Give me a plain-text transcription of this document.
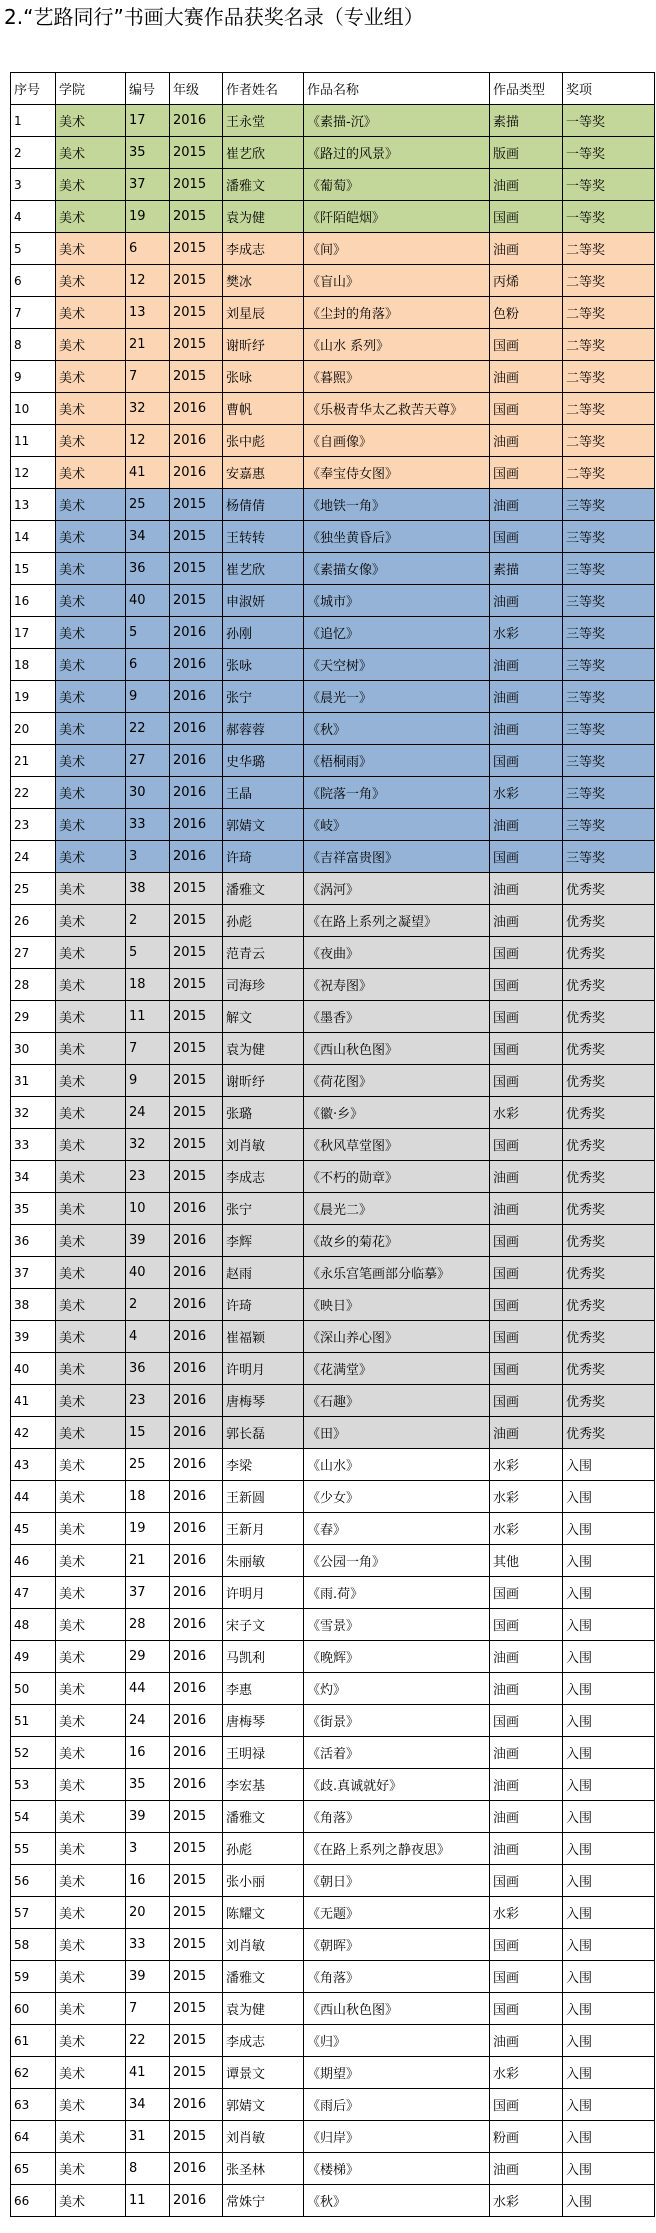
2.“艺路同行”书画大赛作品获奖名录（专业组）
序号	学院	编号	年级	作者姓名	作品名称	作品类型	奖项
1	美术	17	2016	王永堂	《素描-沉》	素描	一等奖
2	美术	35	2015	崔艺欣	《路过的风景》	版画	一等奖
3	美术	37	2015	潘雅文	《葡萄》	油画	一等奖
4	美术	19	2015	袁为健	《阡陌皑烟》	国画	一等奖
5	美术	6	2015	李成志	《间》	油画	二等奖
6	美术	12	2015	樊冰	《盲山》	丙烯	二等奖
7	美术	13	2015	刘星辰	《尘封的角落》	色粉	二等奖
8	美术	21	2015	谢昕纾	《山水 系列》	国画	二等奖
9	美术	7	2015	张咏	《暮熙》	油画	二等奖
10	美术	32	2016	曹帆	《乐极青华太乙救苦天尊》	国画	二等奖
11	美术	12	2016	张中彪	《自画像》	油画	二等奖
12	美术	41	2016	安嘉惠	《奉宝侍女图》	国画	二等奖
13	美术	25	2015	杨倩倩	《地铁一角》	油画	三等奖
14	美术	34	2015	王转转	《独坐黄昏后》	国画	三等奖
15	美术	36	2015	崔艺欣	《素描女像》	素描	三等奖
16	美术	40	2015	申淑妍	《城市》	油画	三等奖
17	美术	5	2016	孙刚	《追忆》	水彩	三等奖
18	美术	6	2016	张咏	《天空树》	油画	三等奖
19	美术	9	2016	张宁	《晨光一》	油画	三等奖
20	美术	22	2016	郝蓉蓉	《秋》	油画	三等奖
21	美术	27	2016	史华璐	《梧桐雨》	国画	三等奖
22	美术	30	2016	王晶	《院落一角》	水彩	三等奖
23	美术	33	2016	郭婧文	《岐》	油画	三等奖
24	美术	3	2016	许琦	《吉祥富贵图》	国画	三等奖
25	美术	38	2015	潘雅文	《涡河》	油画	优秀奖
26	美术	2	2015	孙彪	《在路上系列之凝望》	油画	优秀奖
27	美术	5	2015	范青云	《夜曲》	国画	优秀奖
28	美术	18	2015	司海珍	《祝寿图》	国画	优秀奖
29	美术	11	2015	解文	《墨香》	国画	优秀奖
30	美术	7	2015	袁为健	《西山秋色图》	国画	优秀奖
31	美术	9	2015	谢昕纾	《荷花图》	国画	优秀奖
32	美术	24	2015	张璐	《徽·乡》	水彩	优秀奖
33	美术	32	2015	刘肖敏	《秋风草堂图》	国画	优秀奖
34	美术	23	2015	李成志	《不朽的勋章》	油画	优秀奖
35	美术	10	2016	张宁	《晨光二》	油画	优秀奖
36	美术	39	2016	李辉	《故乡的菊花》	国画	优秀奖
37	美术	40	2016	赵雨	《永乐宫笔画部分临摹》	国画	优秀奖
38	美术	2	2016	许琦	《映日》	国画	优秀奖
39	美术	4	2016	崔福颖	《深山养心图》	国画	优秀奖
40	美术	36	2016	许明月	《花满堂》	国画	优秀奖
41	美术	23	2016	唐梅琴	《石趣》	国画	优秀奖
42	美术	15	2016	郭长磊	《田》	油画	优秀奖
43	美术	25	2016	李梁	《山水》	水彩	入围
44	美术	18	2016	王新圆	《少女》	水彩	入围
45	美术	19	2016	王新月	《春》	水彩	入围
46	美术	21	2016	朱丽敏	《公园一角》	其他	入围
47	美术	37	2016	许明月	《雨.荷》	国画	入围
48	美术	28	2016	宋子文	《雪景》	国画	入围
49	美术	29	2016	马凯利	《晚辉》	油画	入围
50	美术	44	2016	李惠	《灼》	油画	入围
51	美术	24	2016	唐梅琴	《街景》	国画	入围
52	美术	16	2016	王明禄	《活着》	油画	入围
53	美术	35	2016	李宏基	《歧.真诚就好》	油画	入围
54	美术	39	2015	潘雅文	《角落》	油画	入围
55	美术	3	2015	孙彪	《在路上系列之静夜思》	油画	入围
56	美术	16	2015	张小丽	《朝日》	国画	入围
57	美术	20	2015	陈耀文	《无题》	水彩	入围
58	美术	33	2015	刘肖敏	《朝晖》	国画	入围
59	美术	39	2015	潘雅文	《角落》	国画	入围
60	美术	7	2015	袁为健	《西山秋色图》	国画	入围
61	美术	22	2015	李成志	《归》	油画	入围
62	美术	41	2015	谭景文	《期望》	水彩	入围
63	美术	34	2016	郭婧文	《雨后》	国画	入围
64	美术	31	2015	刘肖敏	《归岸》	粉画	入围
65	美术	8	2016	张圣林	《楼梯》	油画	入围
66	美术	11	2016	常姝宁	《秋》	水彩	入围
